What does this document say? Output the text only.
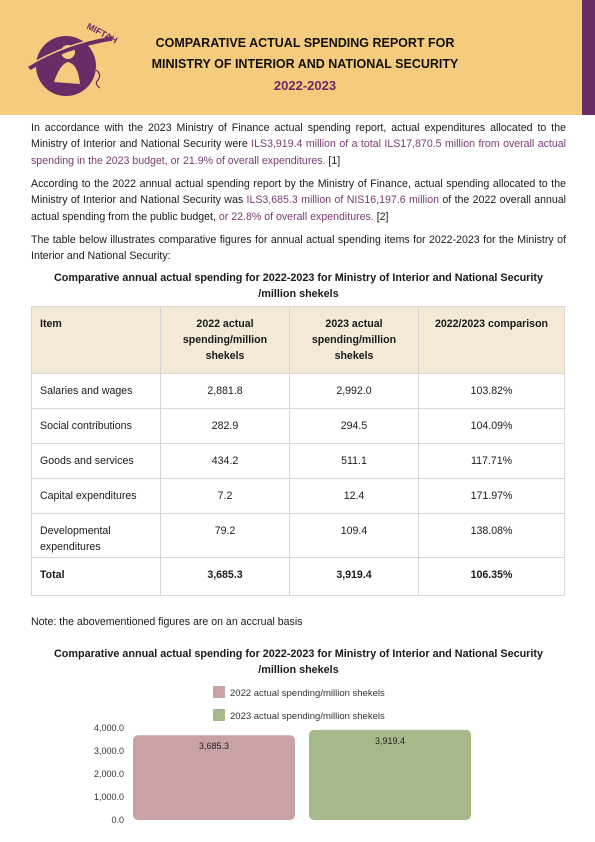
MIFTAH	COMPARATIVE ACTUAL SPENDING REPORT FOR
MINISTRY OF INTERIOR AND NATIONAL SECURITY
2022-2023
In accordance with the 2023 Ministry of Finance actual spending report, actual expenditures allocated to the Ministry of Interior and National Security were ILS3,919.4 million of a total ILS17,870.5 million from overall actual spending in the 2023 budget, or 21.9% of overall expenditures. [1]
According to the 2022 annual actual spending report by the Ministry of Finance, actual spending allocated to the Ministry of Interior and National Security was ILS3,685.3 million of NIS16,197.6 million of the 2022 overall annual actual spending from the public budget, or 22.8% of overall expenditures. [2]
The table below illustrates comparative figures for annual actual spending items for 2022-2023 for the Ministry of Interior and National Security:
Comparative annual actual spending for 2022-2023 for Ministry of Interior and National Security
/million shekels
Item	2022 actual spending/million shekels	2023 actual spending/million shekels	2022/2023 comparison
Salaries and wages	2,881.8	2,992.0	103.82%
Social contributions	282.9	294.5	104.09%
Goods and services	434.2	511.1	117.71%
Capital expenditures	7.2	12.4	171.97%
Developmental expenditures	79.2	109.4	138.08%
Total	3,685.3	3,919.4	106.35%
Note: the abovementioned figures are on an accrual basis
Comparative annual actual spending for 2022-2023 for Ministry of Interior and National Security
/million shekels
2022 actual spending/million shekels
2023 actual spending/million shekels
0.0
1,000.0
2,000.0
3,000.0
4,000.0
3,685.3
3,919.4
